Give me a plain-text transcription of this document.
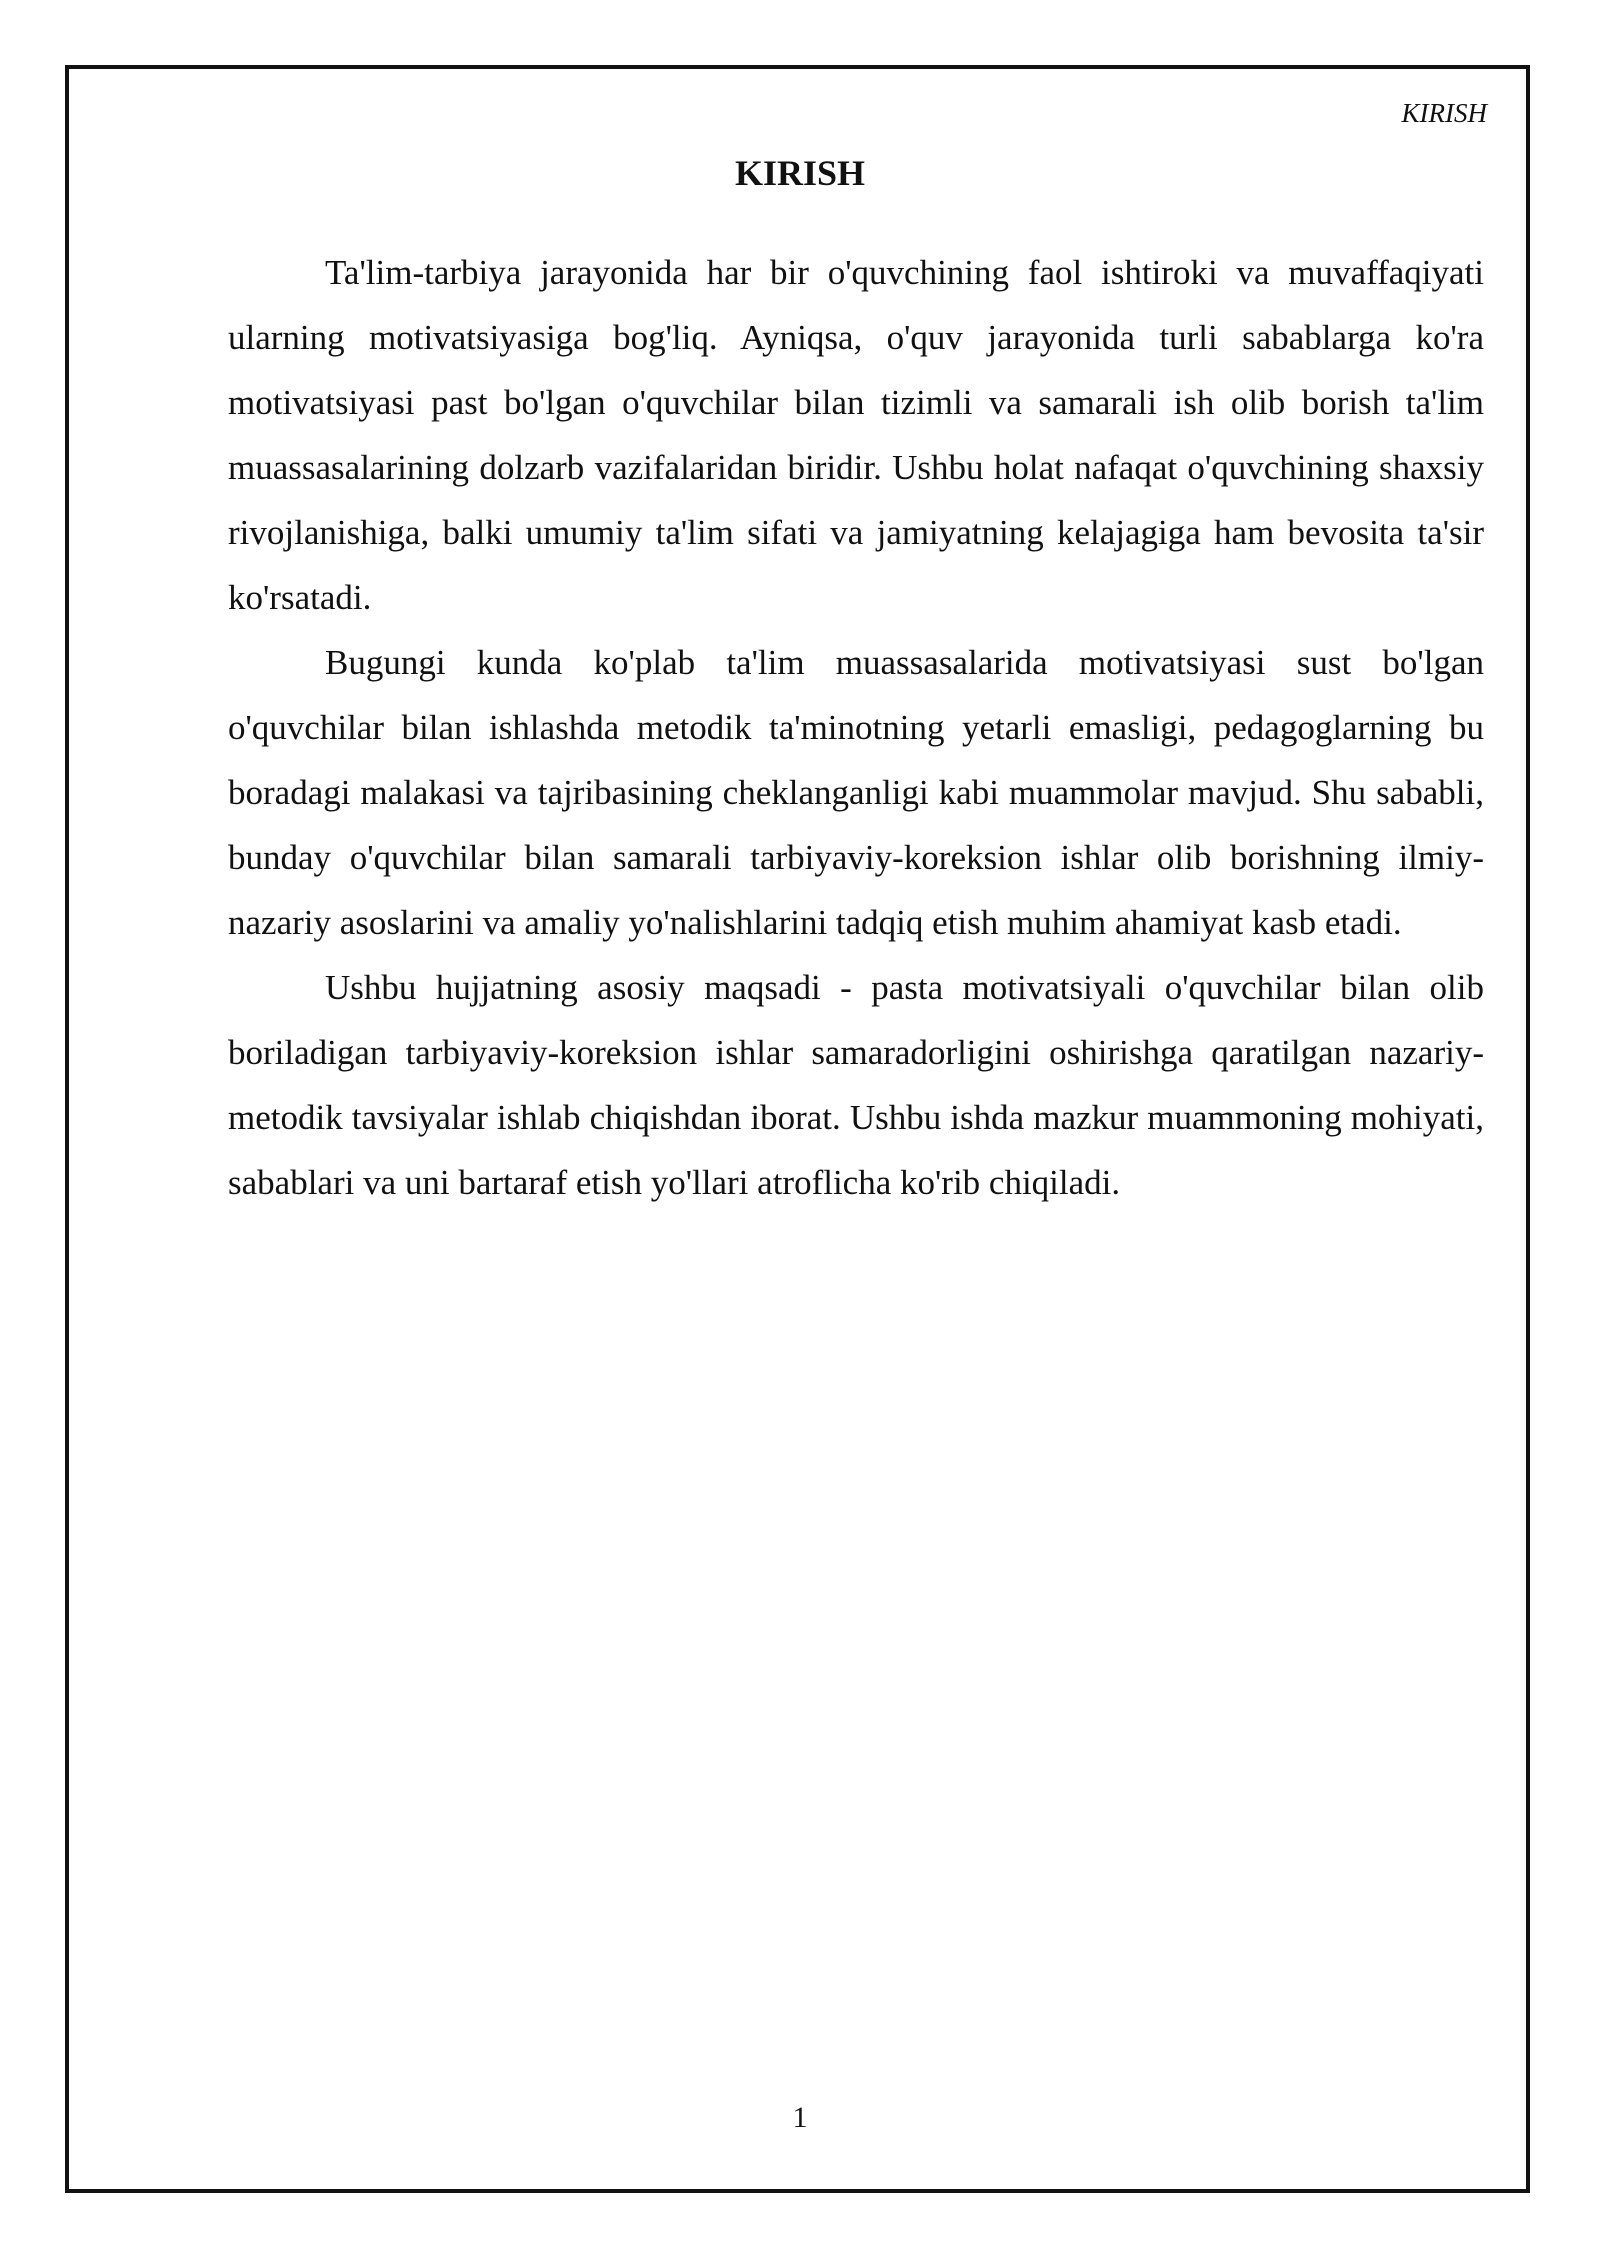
KIRISH
KIRISH

Ta'lim-tarbiya jarayonida har bir o'quvchining faol ishtiroki va muvaffaqiyati ularning motivatsiyasiga bog'liq. Ayniqsa, o'quv jarayonida turli sabablarga ko'ra motivatsiyasi past bo'lgan o'quvchilar bilan tizimli va samarali ish olib borish ta'lim muassasalarining dolzarb vazifalaridan biridir. Ushbu holat nafaqat o'quvchining shaxsiy rivojlanishiga, balki umumiy ta'lim sifati va jamiyatning kelajagiga ham bevosita ta'sir ko'rsatadi.

Bugungi kunda ko'plab ta'lim muassasalarida motivatsiyasi sust bo'lgan o'quvchilar bilan ishlashda metodik ta'minotning yetarli emasligi, pedagoglarning bu boradagi malakasi va tajribasining cheklanganligi kabi muammolar mavjud. Shu sababli, bunday o'quvchilar bilan samarali tarbiyaviy-koreksion ishlar olib borishning ilmiy-nazariy asoslarini va amaliy yo'nalishlarini tadqiq etish muhim ahamiyat kasb etadi.

Ushbu hujjatning asosiy maqsadi - pasta motivatsiyali o'quvchilar bilan olib boriladigan tarbiyaviy-koreksion ishlar samaradorligini oshirishga qaratilgan nazariy-metodik tavsiyalar ishlab chiqishdan iborat. Ushbu ishda mazkur muammoning mohiyati, sabablari va uni bartaraf etish yo'llari atroflicha ko'rib chiqiladi.

1
